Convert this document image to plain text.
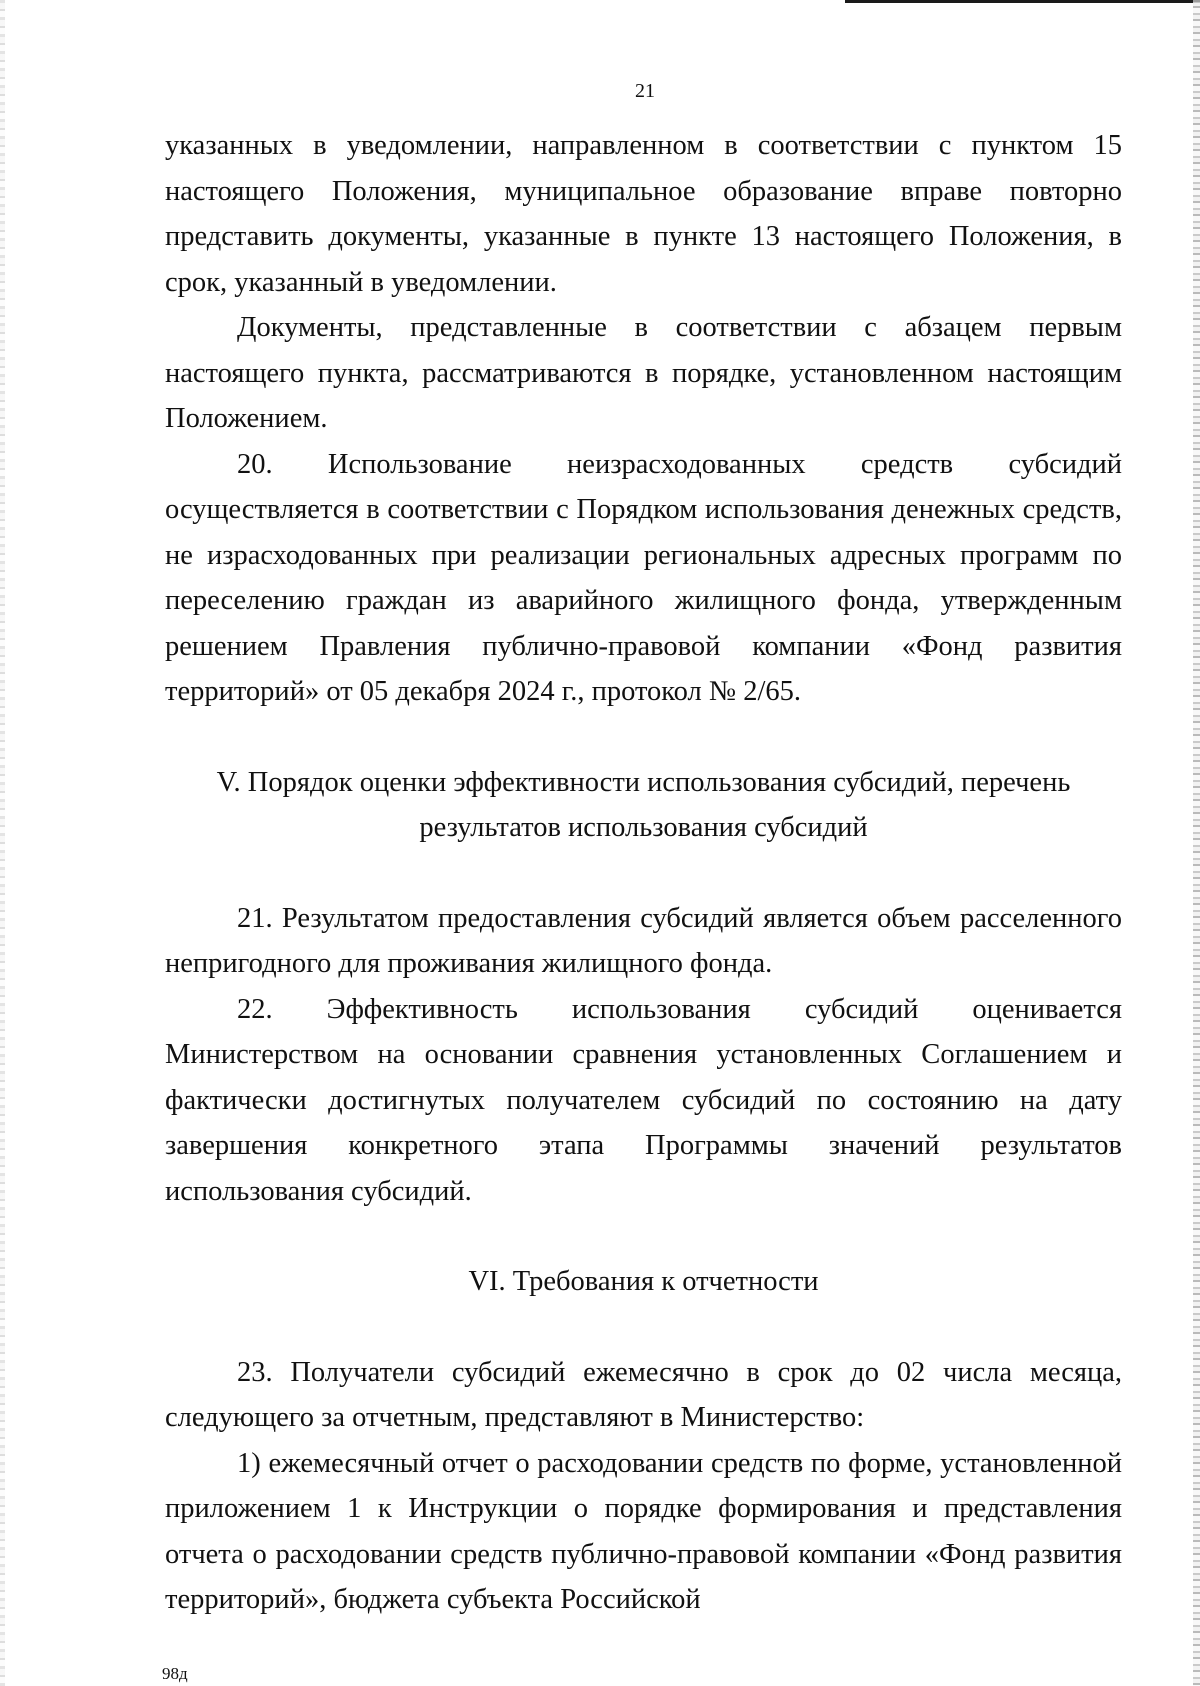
21

указанных в уведомлении, направленном в соответствии с пунктом 15 настоящего Положения, муниципальное образование вправе повторно представить документы, указанные в пункте 13 настоящего Положения, в срок, указанный в уведомлении.

Документы, представленные в соответствии с абзацем первым настоящего пункта, рассматриваются в порядке, установленном настоящим Положением.

20. Использование неизрасходованных средств субсидий осуществляется в соответствии с Порядком использования денежных средств, не израсходованных при реализации региональных адресных программ по переселению граждан из аварийного жилищного фонда, утвержденным решением Правления публично-правовой компании «Фонд развития территорий» от 05 декабря 2024 г., протокол № 2/65.

V. Порядок оценки эффективности использования субсидий, перечень
результатов использования субсидий

21. Результатом предоставления субсидий является объем расселенного непригодного для проживания жилищного фонда.

22. Эффективность использования субсидий оценивается Министерством на основании сравнения установленных Соглашением и фактически достигнутых получателем субсидий по состоянию на дату завершения конкретного этапа Программы значений результатов использования субсидий.

VI. Требования к отчетности

23. Получатели субсидий ежемесячно в срок до 02 числа месяца, следующего за отчетным, представляют в Министерство:

1) ежемесячный отчет о расходовании средств по форме, установленной приложением 1 к Инструкции о порядке формирования и представления отчета о расходовании средств публично-правовой компании «Фонд развития территорий», бюджета субъекта Российской

98д
